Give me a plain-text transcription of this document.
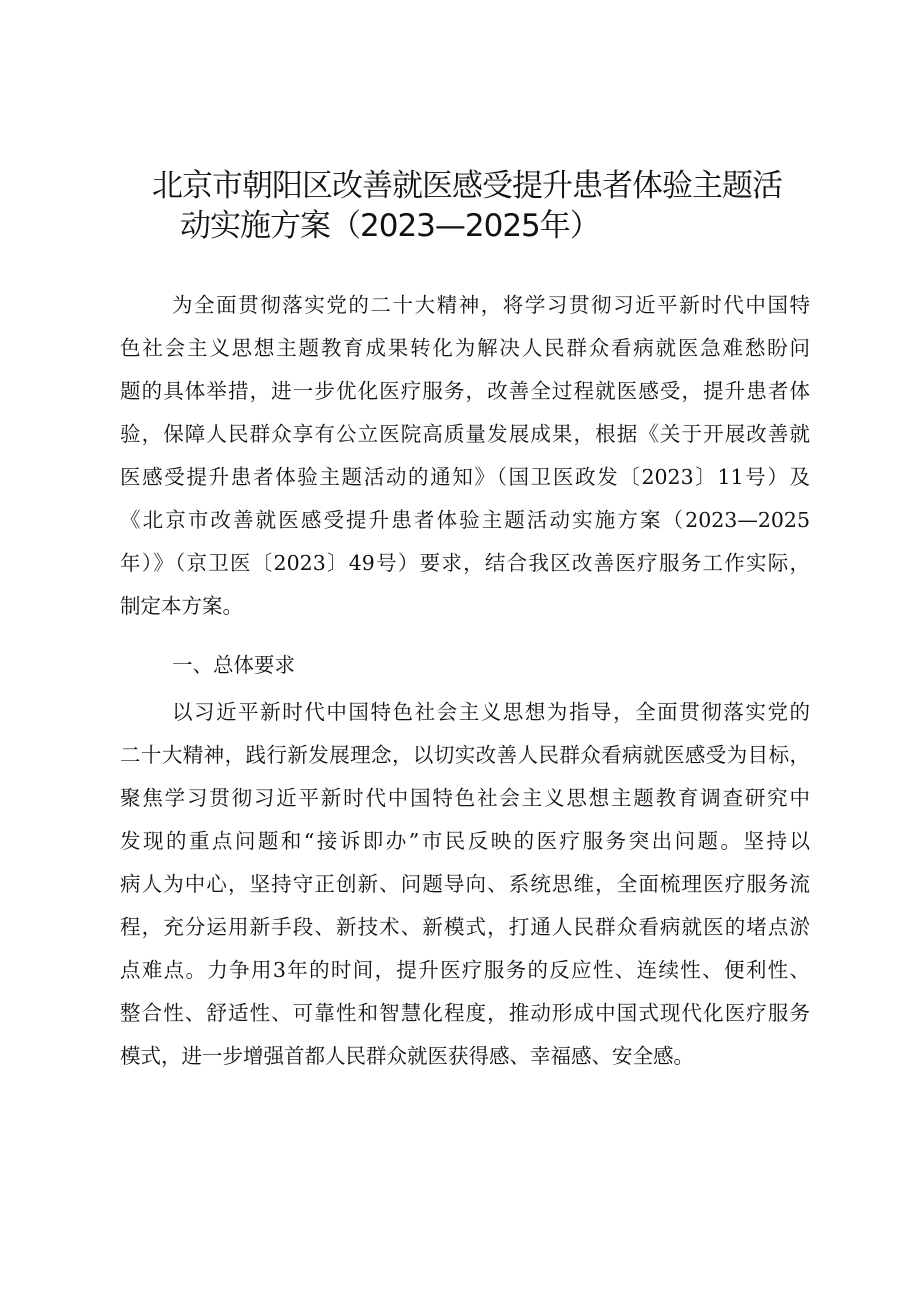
北京市朝阳区改善就医感受提升患者体验主题活
动实施方案（2023—2025年）
为全面贯彻落实党的二十大精神，将学习贯彻习近平新时代中国特
色社会主义思想主题教育成果转化为解决人民群众看病就医急难愁盼问
题的具体举措，进一步优化医疗服务，改善全过程就医感受，提升患者体
验，保障人民群众享有公立医院高质量发展成果，根据《关于开展改善就
医感受提升患者体验主题活动的通知》（国卫医政发〔2023〕11号）及
《北京市改善就医感受提升患者体验主题活动实施方案（2023—2025
年）》（京卫医〔2023〕49号）要求，结合我区改善医疗服务工作实际，
制定本方案。
一、总体要求
以习近平新时代中国特色社会主义思想为指导，全面贯彻落实党的
二十大精神，践行新发展理念，以切实改善人民群众看病就医感受为目标，
聚焦学习贯彻习近平新时代中国特色社会主义思想主题教育调查研究中
发现的重点问题和“接诉即办”市民反映的医疗服务突出问题。坚持以
病人为中心，坚持守正创新、问题导向、系统思维，全面梳理医疗服务流
程，充分运用新手段、新技术、新模式，打通人民群众看病就医的堵点淤
点难点。力争用3年的时间，提升医疗服务的反应性、连续性、便利性、
整合性、舒适性、可靠性和智慧化程度，推动形成中国式现代化医疗服务
模式，进一步增强首都人民群众就医获得感、幸福感、安全感。
